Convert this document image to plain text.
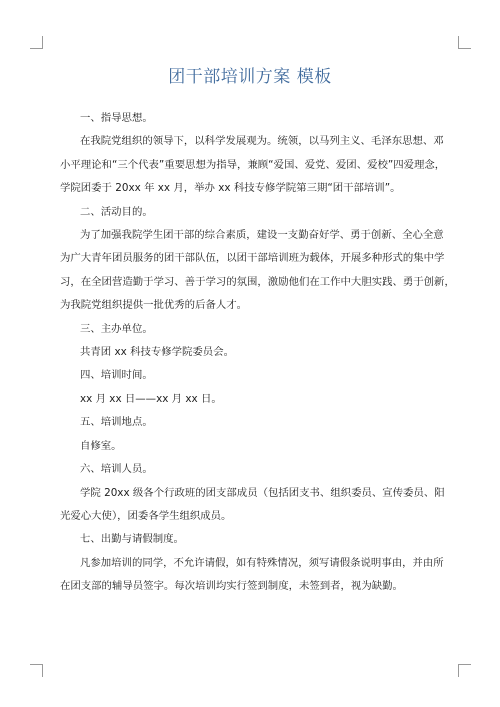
团干部培训方案 模板

一、指导思想。

在我院党组织的领导下，以科学发展观为。统领，以马列主义、毛泽东思想、邓

小平理论和“三个代表”重要思想为指导，兼顾“爱国、爱党、爱团、爱校”四爱理念，

学院团委于 20xx 年 xx 月，举办 xx 科技专修学院第三期“团干部培训”。

二、活动目的。

为了加强我院学生团干部的综合素质，建设一支勤奋好学、勇于创新、全心全意

为广大青年团员服务的团干部队伍，以团干部培训班为载体，开展多种形式的集中学

习，在全团营造勤于学习、善于学习的氛围，激励他们在工作中大胆实践、勇于创新，

为我院党组织提供一批优秀的后备人才。

三、主办单位。

共青团 xx 科技专修学院委员会。

四、培训时间。

xx 月 xx 日——xx 月 xx 日。

五、培训地点。

自修室。

六、培训人员。

学院 20xx 级各个行政班的团支部成员（包括团支书、组织委员、宣传委员、阳

光爱心大使），团委各学生组织成员。

七、出勤与请假制度。

凡参加培训的同学，不允许请假，如有特殊情况，须写请假条说明事由，并由所

在团支部的辅导员签字。每次培训均实行签到制度，未签到者，视为缺勤。
